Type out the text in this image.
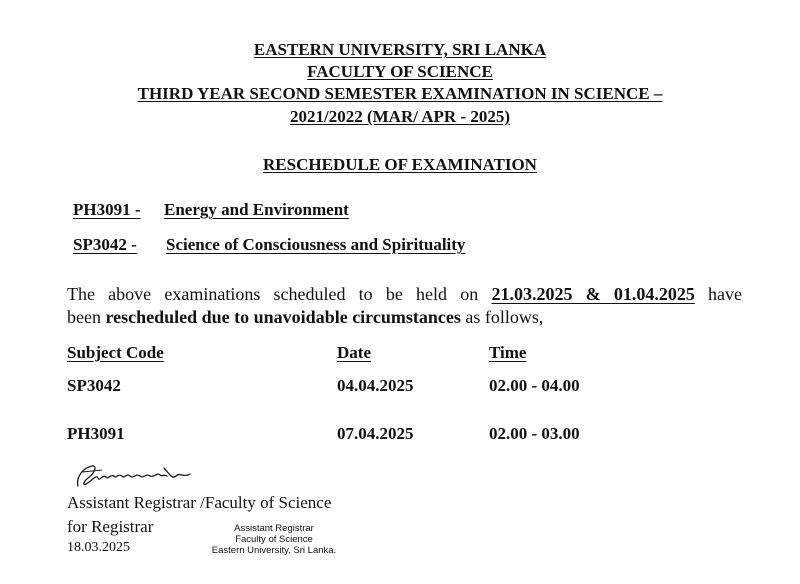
EASTERN UNIVERSITY, SRI LANKA
FACULTY OF SCIENCE
THIRD YEAR SECOND SEMESTER EXAMINATION IN SCIENCE –
2021/2022 (MAR/ APR - 2025)
RESCHEDULE OF EXAMINATION
PH3091 - Energy and Environment
SP3042 - Science of Consciousness and Spirituality
The above examinations scheduled to be held on 21.03.2025 & 01.04.2025 have
been rescheduled due to unavoidable circumstances as follows,
Subject Code	Date	Time
SP3042	04.04.2025	02.00 - 04.00
PH3091	07.04.2025	02.00 - 03.00
Assistant Registrar /Faculty of Science
for Registrar
18.03.2025
Assistant Registrar
Faculty of Science
Eastern University, Sri Lanka.
